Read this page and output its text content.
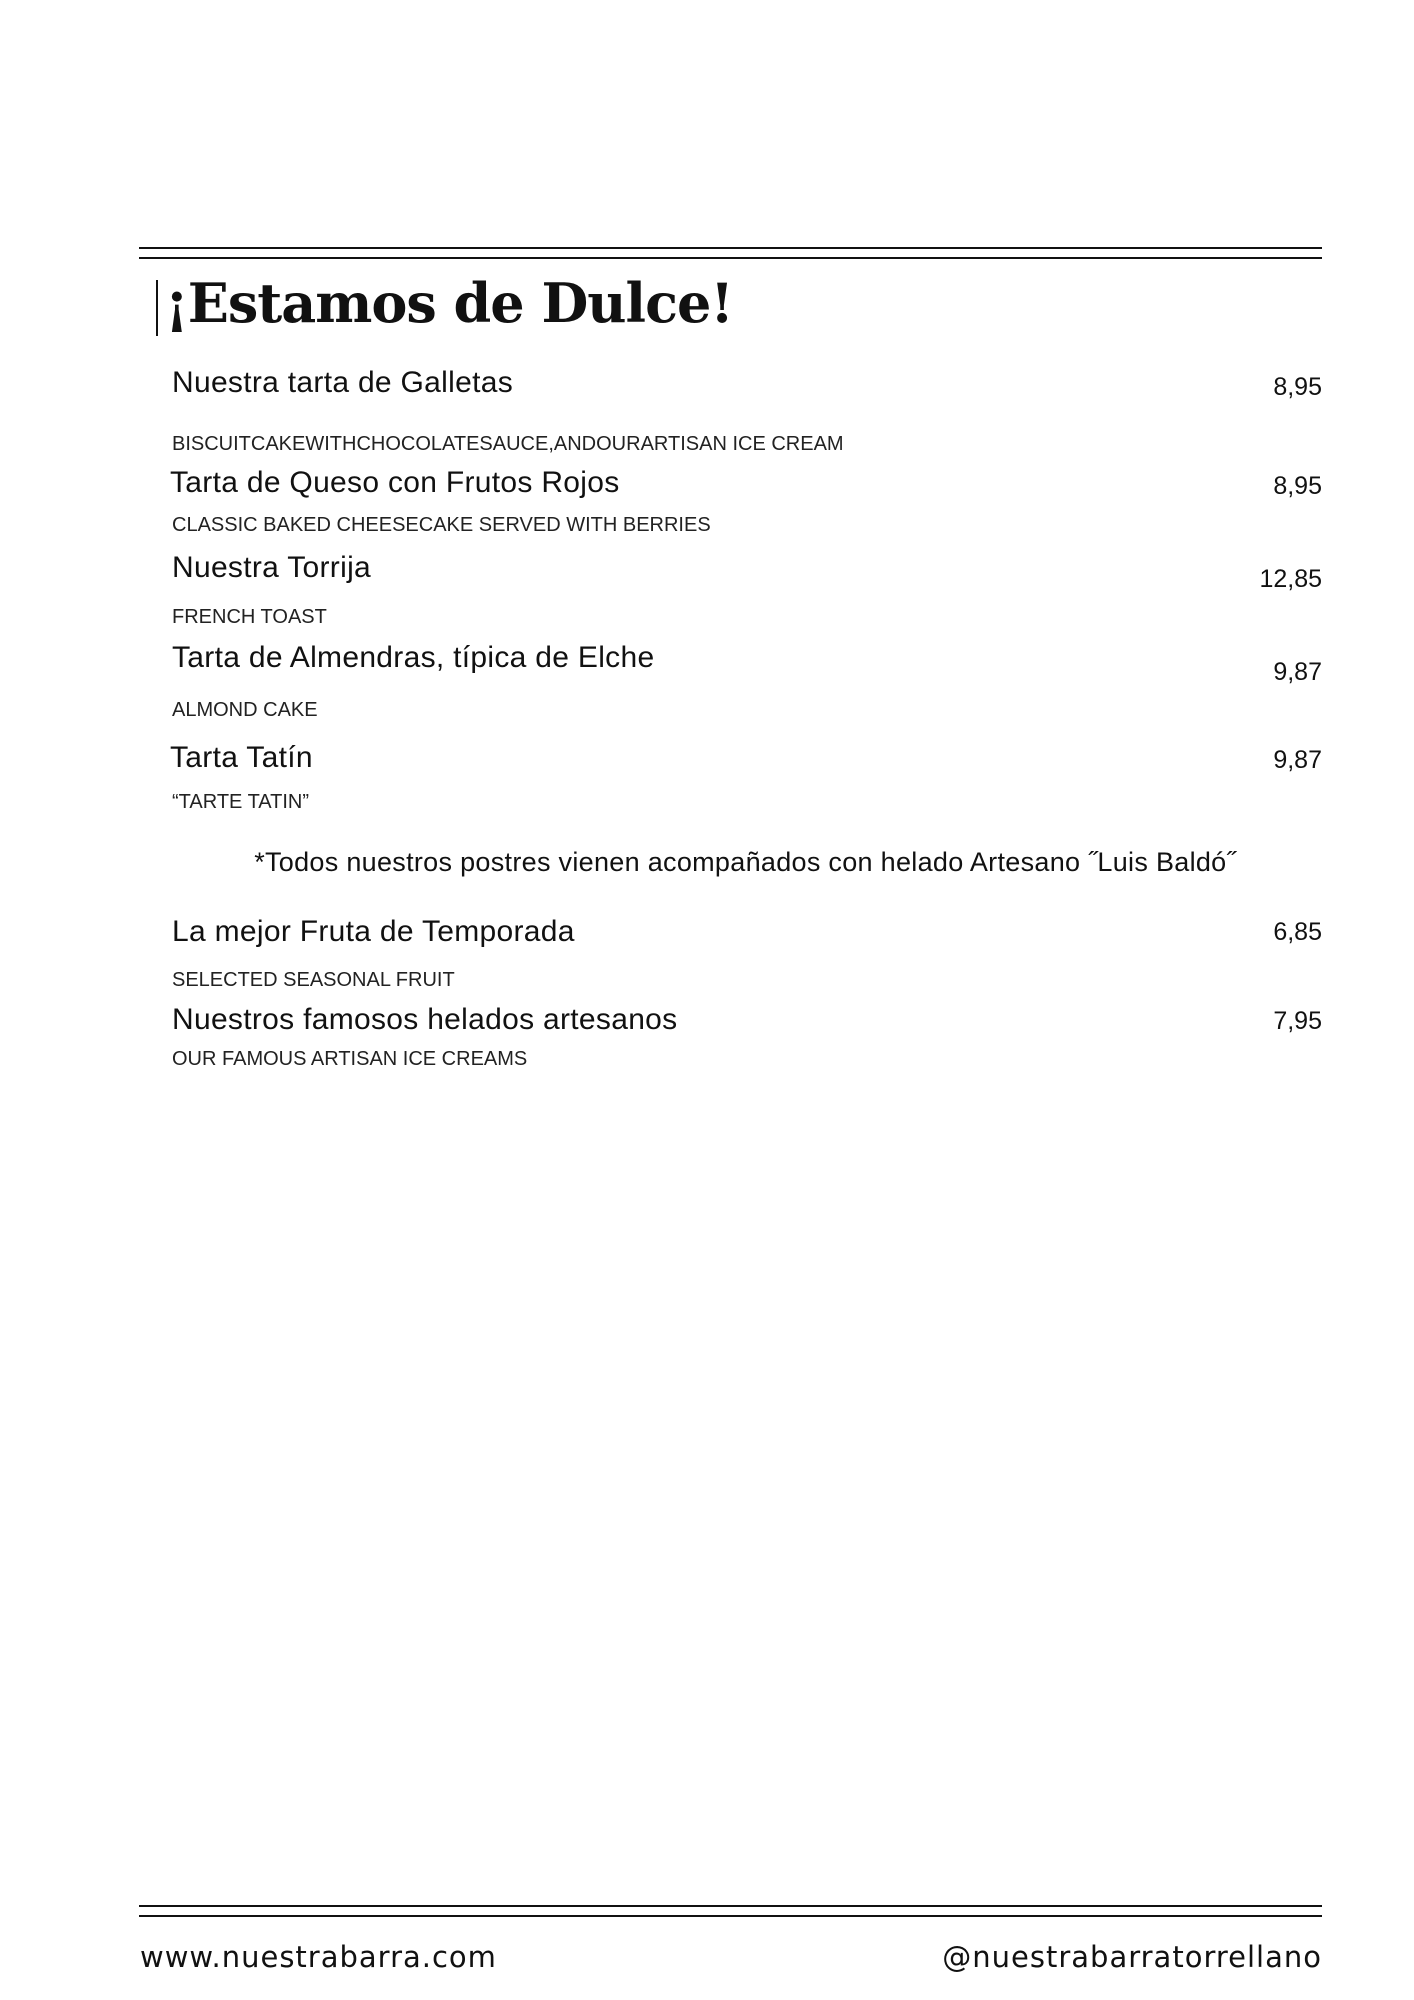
¡Estamos de Dulce!
Nuestra tarta de Galletas	8,95
BISCUITCAKEWITHCHOCOLATESAUCE,ANDOURARTISAN ICE CREAM
Tarta de Queso con Frutos Rojos	8,95
CLASSIC BAKED CHEESECAKE SERVED WITH BERRIES
Nuestra Torrija	12,85
FRENCH TOAST
Tarta de Almendras, típica de Elche	9,87
ALMOND CAKE
Tarta Tatín	9,87
“TARTE TATIN”
*Todos nuestros postres vienen acompañados con helado Artesano ˝Luis Baldó˝
La mejor Fruta de Temporada	6,85
SELECTED SEASONAL FRUIT
Nuestros famosos helados artesanos	7,95
OUR FAMOUS ARTISAN ICE CREAMS
www.nuestrabarra.com	@nuestrabarratorrellano
